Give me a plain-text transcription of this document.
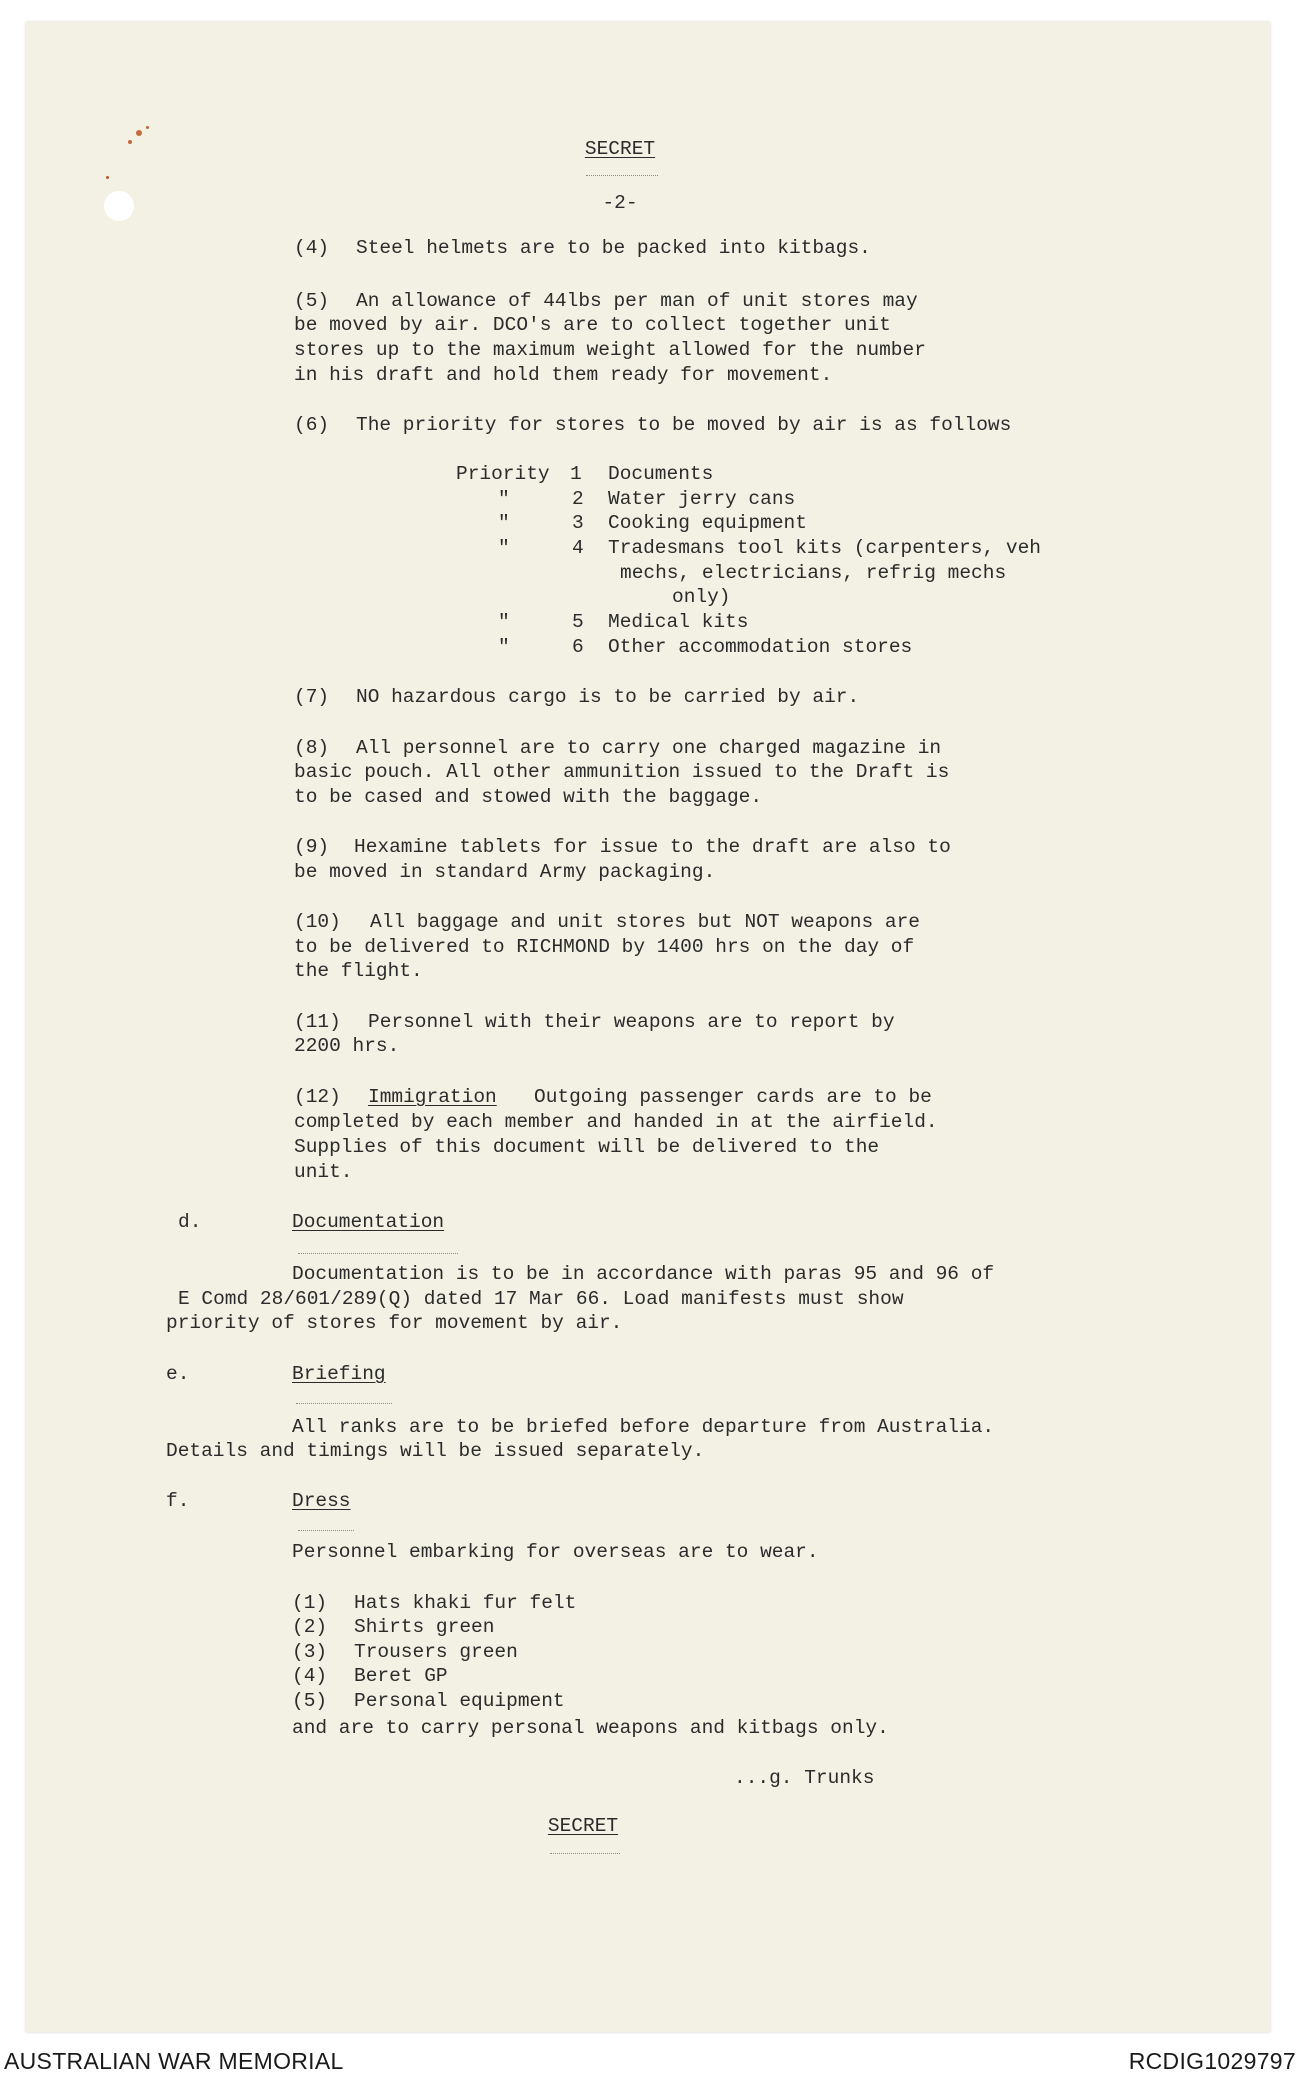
SECRET

-2-

(4) Steel helmets are to be packed into kitbags.

(5) An allowance of 44lbs per man of unit stores may

be moved by air. DCO's are to collect together unit

stores up to the maximum weight allowed for the number

in his draft and hold them ready for movement.

(6) The priority for stores to be moved by air is as follows

Priority 1 Documents

"	2 Water jerry cans

"	3 Cooking equipment

"	4 Tradesmans tool kits (carpenters, veh

mechs, electricians, refrig mechs

only)

"	5 Medical kits

"	6 Other accommodation stores

(7) NO hazardous cargo is to be carried by air.

(8) All personnel are to carry one charged magazine in

basic pouch. All other ammunition issued to the Draft is

to be cased and stowed with the baggage.

(9) Hexamine tablets for issue to the draft are also to

be moved in standard Army packaging.

(10) All baggage and unit stores but NOT weapons are

to be delivered to RICHMOND by 1400 hrs on the day of

the flight.

(11) Personnel with their weapons are to report by

2200 hrs.

(12) Immigration Outgoing passenger cards are to be

completed by each member and handed in at the airfield.

Supplies of this document will be delivered to the

unit.

d.	Documentation

Documentation is to be in accordance with paras 95 and 96 of

E Comd 28/601/289(Q) dated 17 Mar 66. Load manifests must show

priority of stores for movement by air.

e.	Briefing

All ranks are to be briefed before departure from Australia.

Details and timings will be issued separately.

f.	Dress

Personnel embarking for overseas are to wear.

(1) Hats khaki fur felt

(2) Shirts green

(3) Trousers green

(4) Beret GP

(5) Personal equipment

and are to carry personal weapons and kitbags only.

...g. Trunks

SECRET

AUSTRALIAN WAR MEMORIAL	RCDIG1029797
